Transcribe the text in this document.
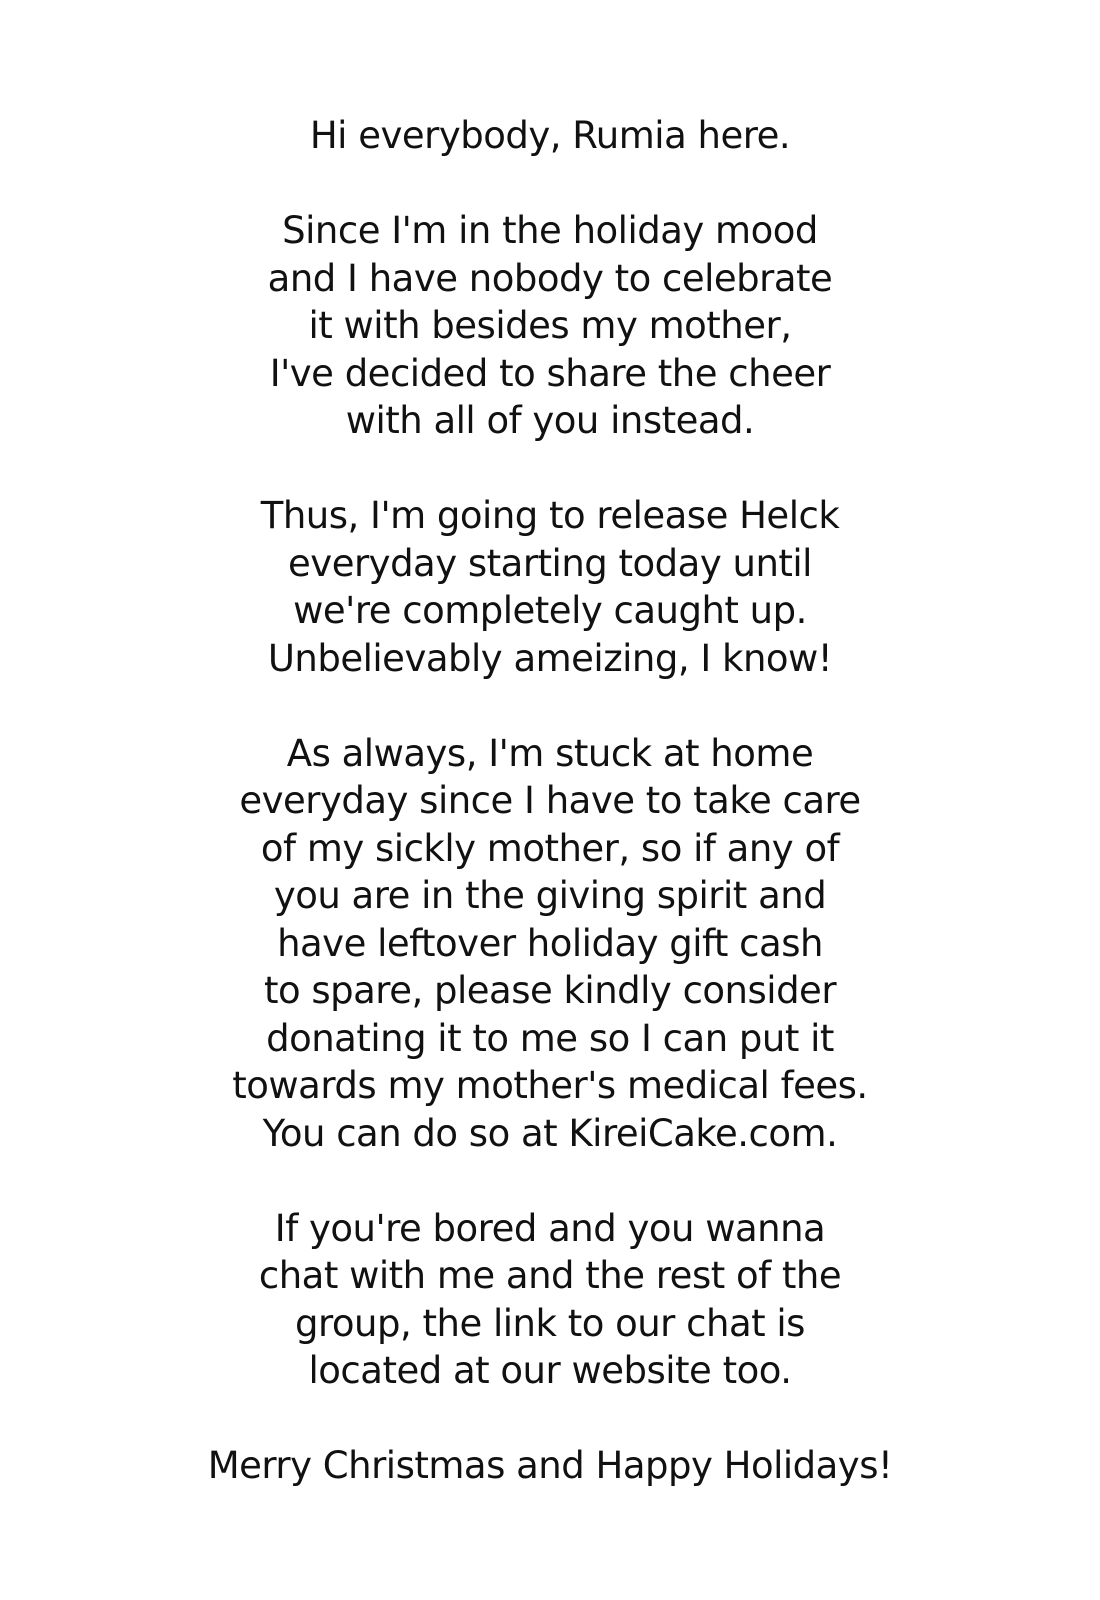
Hi everybody, Rumia here.

Since I'm in the holiday mood
and I have nobody to celebrate
it with besides my mother,
I've decided to share the cheer
with all of you instead.

Thus, I'm going to release Helck
everyday starting today until
we're completely caught up.
Unbelievably ameizing, I know!

As always, I'm stuck at home
everyday since I have to take care
of my sickly mother, so if any of
you are in the giving spirit and
have leftover holiday gift cash
to spare, please kindly consider
donating it to me so I can put it
towards my mother's medical fees.
You can do so at KireiCake.com.

If you're bored and you wanna
chat with me and the rest of the
group, the link to our chat is
located at our website too.

Merry Christmas and Happy Holidays!
